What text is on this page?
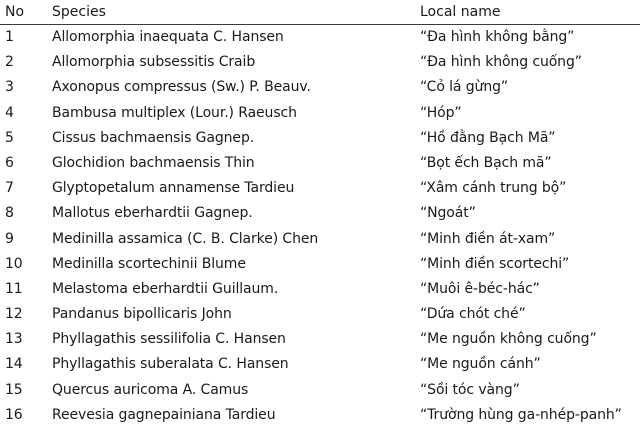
No Species	Local name
1	Allomorphia inaequata C. Hansen	“Đa hình không bằng”
2	Allomorphia subsessitis Craib	“Đa hình không cuống”
3	Axonopus compressus (Sw.) P. Beauv.	“Cỏ lá gừng”
4	Bambusa multiplex (Lour.) Raeusch	“Hóp”
5	Cissus bachmaensis Gagnep.	“Hồ đằng Bạch Mã”
6	Glochidion bachmaensis Thin	“Bọt ếch Bạch mã”
7	Glyptopetalum annamense Tardieu	“Xâm cánh trung bộ”
8	Mallotus eberhardtii Gagnep.	“Ngoát”
9	Medinilla assamica (C. B. Clarke) Chen	“Minh điền át-xam”
10 Medinilla scortechinii Blume	“Minh điền scortechi”
11 Melastoma eberhardtii Guillaum.	“Muôi ê-béc-hác”
12 Pandanus bipollicaris John	“Dứa chót ché”
13 Phyllagathis sessilifolia C. Hansen	“Me nguồn không cuống”
14 Phyllagathis suberalata C. Hansen	“Me nguồn cánh”
15 Quercus auricoma A. Camus	“Sồi tóc vàng”
16 Reevesia gagnepainiana Tardieu	“Trường hùng ga-nhép-panh”
